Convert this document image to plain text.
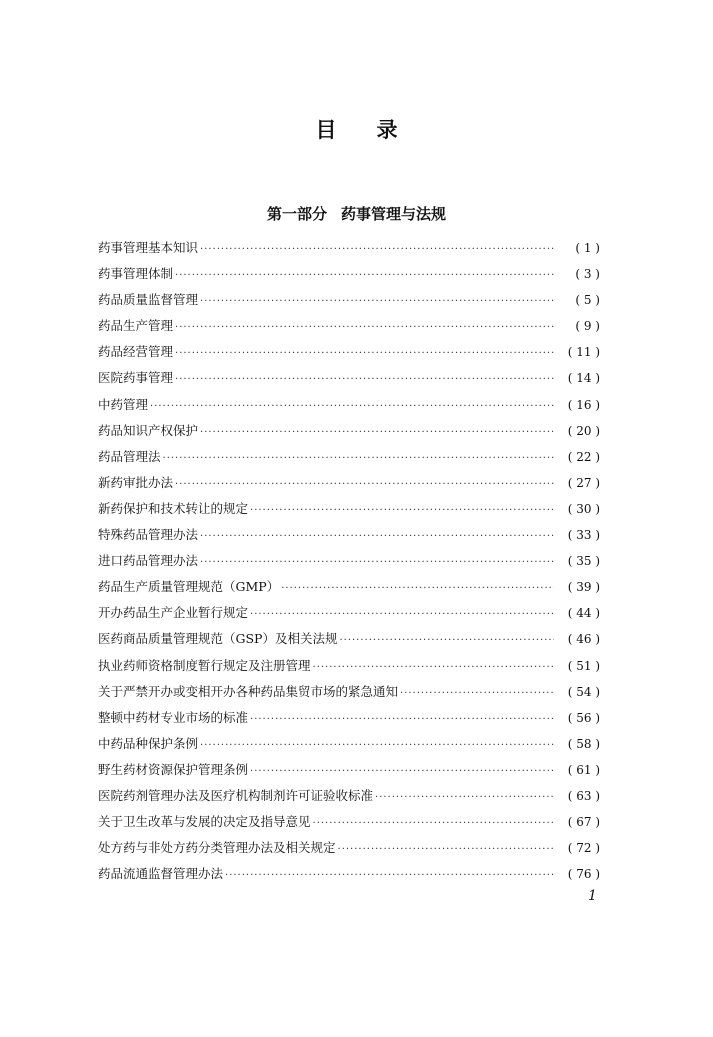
目 录
第一部分 药事管理与法规
药事管理基本知识 ·····	( 1 )
药事管理体制 ·····	( 3 )
药品质量监督管理 ·····	( 5 )
药品生产管理 ·····	( 9 )
药品经营管理 ·····	( 11 )
医院药事管理 ·····	( 14 )
中药管理 ·····	( 16 )
药品知识产权保护 ·····	( 20 )
药品管理法 ·····	( 22 )
新药审批办法 ·····	( 27 )
新药保护和技术转让的规定 ·····	( 30 )
特殊药品管理办法 ·····	( 33 )
进口药品管理办法 ·····	( 35 )
药品生产质量管理规范（GMP） ·····	( 39 )
开办药品生产企业暂行规定 ·····	( 44 )
医药商品质量管理规范（GSP）及相关法规 ·····	( 46 )
执业药师资格制度暂行规定及注册管理 ·····	( 51 )
关于严禁开办或变相开办各种药品集贸市场的紧急通知 ·····	( 54 )
整顿中药材专业市场的标准 ·····	( 56 )
中药品种保护条例 ·····	( 58 )
野生药材资源保护管理条例 ·····	( 61 )
医院药剂管理办法及医疗机构制剂许可证验收标准 ·····	( 63 )
关于卫生改革与发展的决定及指导意见 ·····	( 67 )
处方药与非处方药分类管理办法及相关规定 ·····	( 72 )
药品流通监督管理办法 ·····	( 76 )
1
